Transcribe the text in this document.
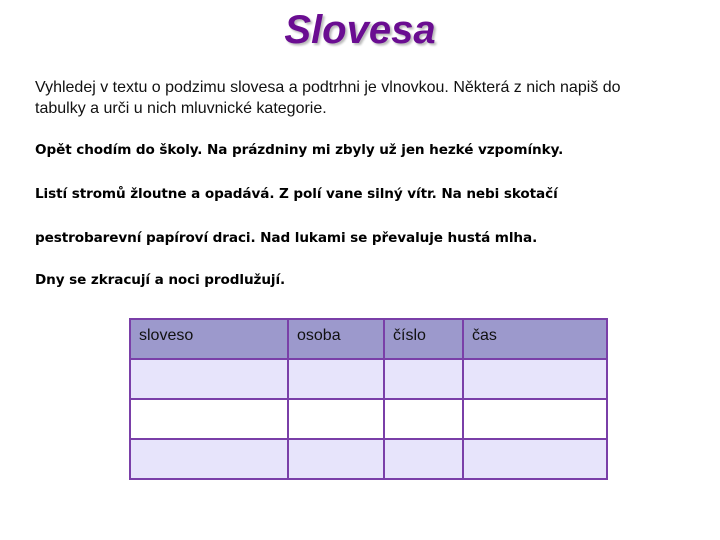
Slovesa
Vyhledej v textu o podzimu slovesa a podtrhni je vlnovkou. Některá z nich napiš do tabulky a urči u nich mluvnické kategorie.
Opět chodím do školy. Na prázdniny mi zbyly už jen hezké vzpomínky.
Listí stromů žloutne a opadává. Z polí vane silný vítr. Na nebi skotačí
pestrobarevní papíroví draci. Nad lukami se převaluje hustá mlha.
Dny se zkracují a noci prodlužují.
sloveso	osoba	číslo	čas
